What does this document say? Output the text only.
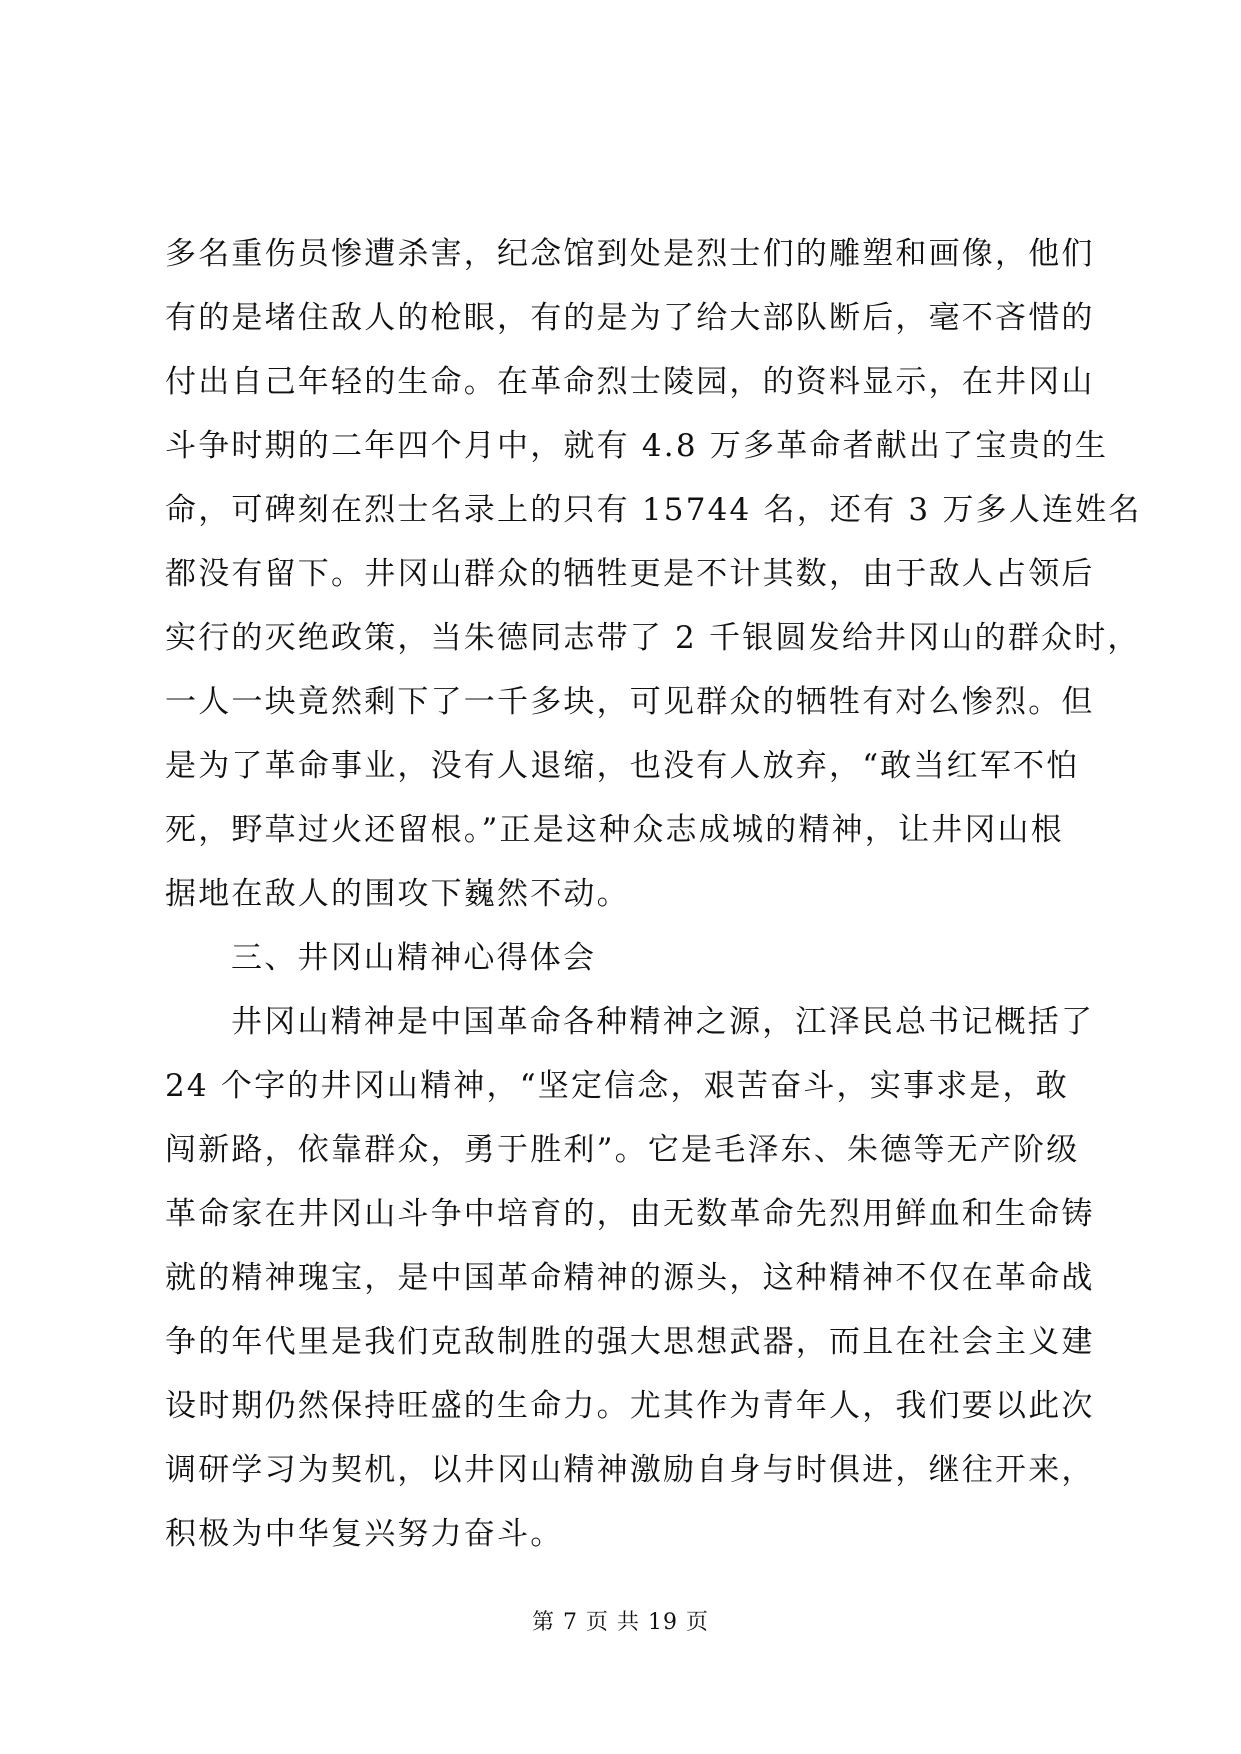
多名重伤员惨遭杀害，纪念馆到处是烈士们的雕塑和画像，他们
有的是堵住敌人的枪眼，有的是为了给大部队断后，毫不吝惜的
付出自己年轻的生命。在革命烈士陵园，的资料显示，在井冈山
斗争时期的二年四个月中，就有 4.8 万多革命者献出了宝贵的生
命，可碑刻在烈士名录上的只有 15744 名，还有 3 万多人连姓名
都没有留下。井冈山群众的牺牲更是不计其数，由于敌人占领后
实行的灭绝政策，当朱德同志带了 2 千银圆发给井冈山的群众时，
一人一块竟然剩下了一千多块，可见群众的牺牲有对么惨烈。但
是为了革命事业，没有人退缩，也没有人放弃，“敢当红军不怕
死，野草过火还留根。”正是这种众志成城的精神，让井冈山根
据地在敌人的围攻下巍然不动。
三、井冈山精神心得体会
井冈山精神是中国革命各种精神之源，江泽民总书记概括了
24 个字的井冈山精神，“坚定信念，艰苦奋斗，实事求是，敢
闯新路，依靠群众，勇于胜利”。它是毛泽东、朱德等无产阶级
革命家在井冈山斗争中培育的，由无数革命先烈用鲜血和生命铸
就的精神瑰宝，是中国革命精神的源头，这种精神不仅在革命战
争的年代里是我们克敌制胜的强大思想武器，而且在社会主义建
设时期仍然保持旺盛的生命力。尤其作为青年人，我们要以此次
调研学习为契机，以井冈山精神激励自身与时俱进，继往开来，
积极为中华复兴努力奋斗。
第 7 页 共 19 页
